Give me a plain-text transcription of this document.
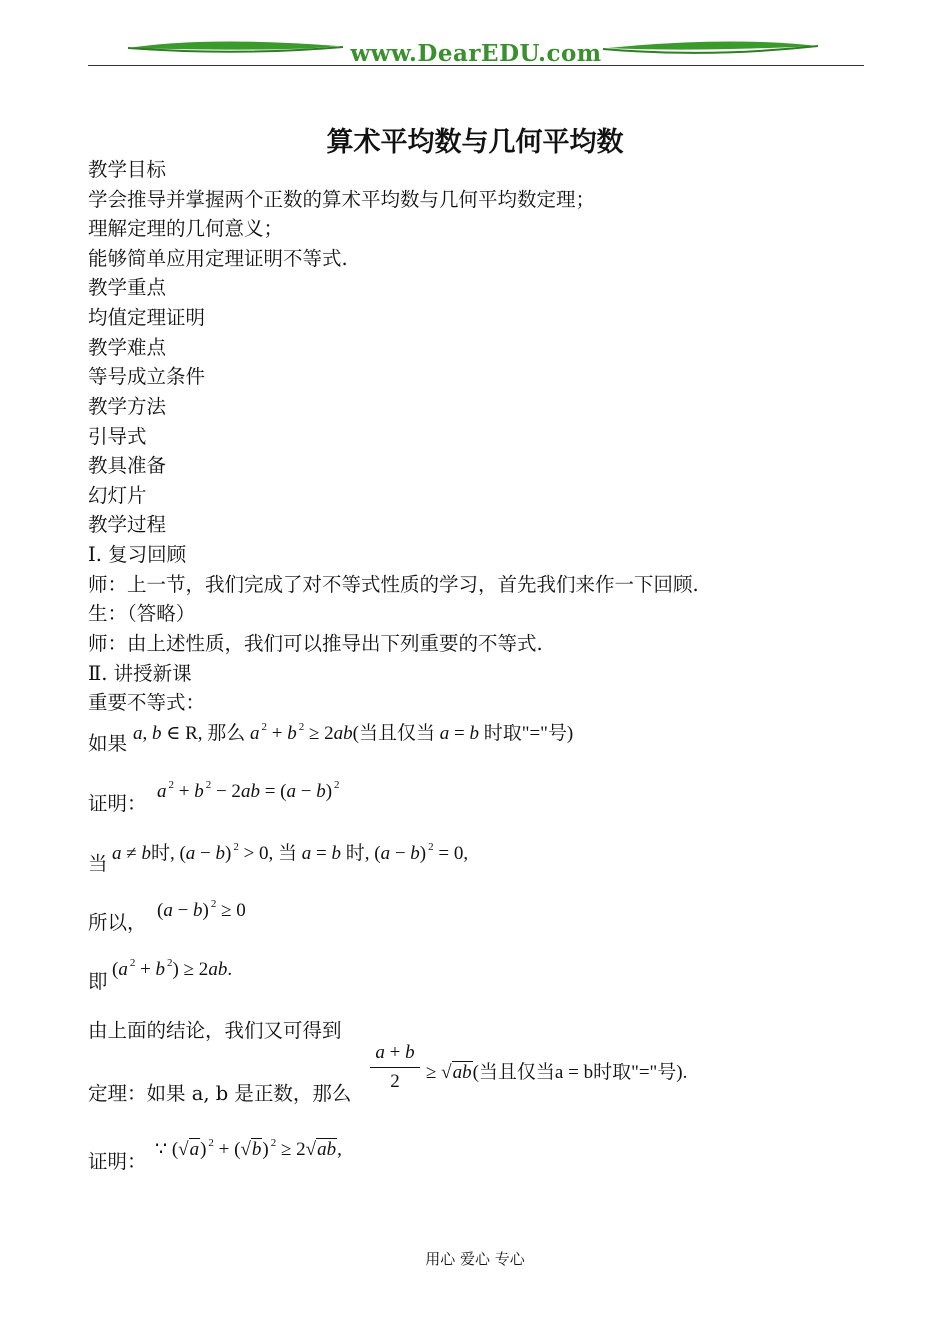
www.DearEDU.com
算术平均数与几何平均数
教学目标
学会推导并掌握两个正数的算术平均数与几何平均数定理；
理解定理的几何意义；
能够简单应用定理证明不等式.
教学重点
均值定理证明
教学难点
等号成立条件
教学方法
引导式
教具准备
幻灯片
教学过程
Ⅰ. 复习回顾
师：上一节，我们完成了对不等式性质的学习，首先我们来作一下回顾.
生：（答略）
师：由上述性质，我们可以推导出下列重要的不等式.
Ⅱ. 讲授新课
重要不等式：
如果 a, b ∈ R, 那么 a $^2$ + b $^2$ ≥ 2ab(当且仅当 a = b 时取"="号)
证明：
a $^2$ + b $^2$ − 2ab = (a − b) $^2$
当 a ≠ b时, (a − b) $^2$ > 0, 当 a = b 时, (a − b) $^2$ = 0,
所以，
(a − b) $^2$ ≥ 0
即
(a $^2$ + b $^2$) ≥ 2ab.
由上面的结论，我们又可得到
定理：如果 a, b 是正数，那么
a + b
2	≥ √ab(当且仅当a = b时取"="号).
证明：
∵ (√a) $^2$ + (√b) $^2$ ≥ 2√ab,
用心 爱心 专心
